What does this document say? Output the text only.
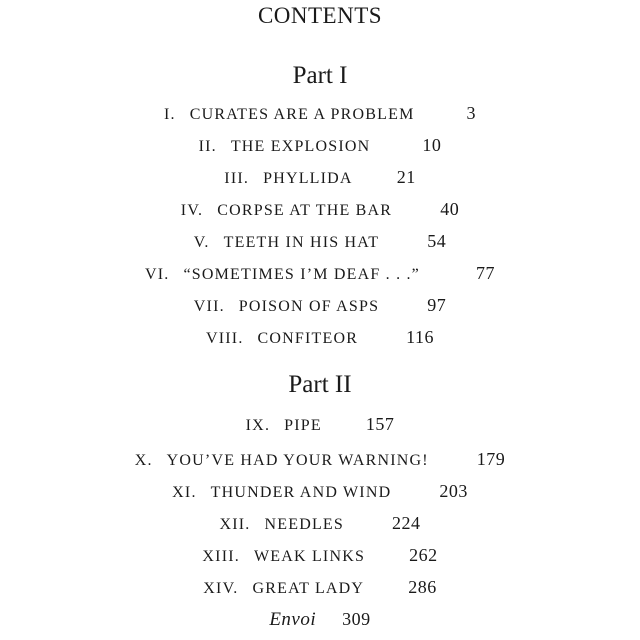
CONTENTS
Part I
I. CURATES ARE A PROBLEM	3
II. THE EXPLOSION	10
III. PHYLLIDA 21
IV. CORPSE AT THE BAR	40
V. TEETH IN HIS HAT	54
VI. “SOMETIMES I’M DEAF . . .”	77
VII. POISON OF ASPS	97
VIII. CONFITEOR	116
Part II
IX. PIPE 157
X. YOU’VE HAD YOUR WARNING!	179
XI. THUNDER AND WIND	203
XII. NEEDLES	224
XIII. WEAK LINKS 262
XIV. GREAT LADY 286
Envoi 309
